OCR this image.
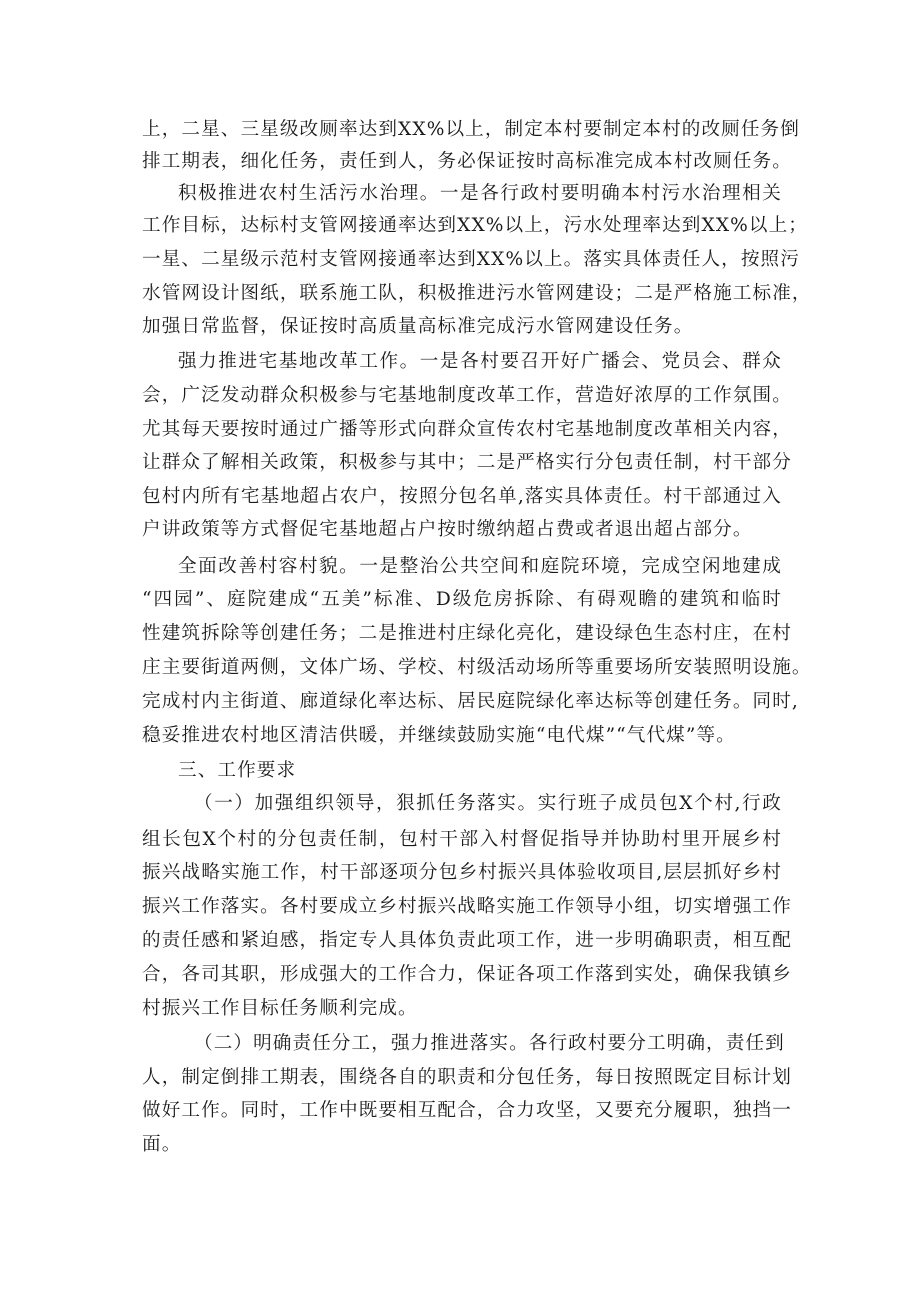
上，二星、三星级改厕率达到XX%以上，制定本村要制定本村的改厕任务倒
排工期表，细化任务，责任到人，务必保证按时高标准完成本村改厕任务。
积极推进农村生活污水治理。一是各行政村要明确本村污水治理相关
工作目标，达标村支管网接通率达到XX%以上，污水处理率达到XX%以上；
一星、二星级示范村支管网接通率达到XX%以上。落实具体责任人，按照污
水管网设计图纸，联系施工队，积极推进污水管网建设；二是严格施工标准，
加强日常监督，保证按时高质量高标准完成污水管网建设任务。
强力推进宅基地改革工作。一是各村要召开好广播会、党员会、群众
会，广泛发动群众积极参与宅基地制度改革工作，营造好浓厚的工作氛围。
尤其每天要按时通过广播等形式向群众宣传农村宅基地制度改革相关内容，
让群众了解相关政策，积极参与其中；二是严格实行分包责任制，村干部分
包村内所有宅基地超占农户，按照分包名单,落实具体责任。村干部通过入
户讲政策等方式督促宅基地超占户按时缴纳超占费或者退出超占部分。
全面改善村容村貌。一是整治公共空间和庭院环境，完成空闲地建成
“四园”、庭院建成“五美”标准、D级危房拆除、有碍观瞻的建筑和临时
性建筑拆除等创建任务；二是推进村庄绿化亮化，建设绿色生态村庄，在村
庄主要街道两侧，文体广场、学校、村级活动场所等重要场所安装照明设施。
完成村内主街道、廊道绿化率达标、居民庭院绿化率达标等创建任务。同时,
稳妥推进农村地区清洁供暖，并继续鼓励实施“电代煤”“气代煤”等。
三、工作要求
（一）加强组织领导，狠抓任务落实。实行班子成员包X个村,行政
组长包X个村的分包责任制，包村干部入村督促指导并协助村里开展乡村
振兴战略实施工作，村干部逐项分包乡村振兴具体验收项目,层层抓好乡村
振兴工作落实。各村要成立乡村振兴战略实施工作领导小组，切实增强工作
的责任感和紧迫感，指定专人具体负责此项工作，进一步明确职责，相互配
合，各司其职，形成强大的工作合力，保证各项工作落到实处，确保我镇乡
村振兴工作目标任务顺利完成。
（二）明确责任分工，强力推进落实。各行政村要分工明确，责任到
人，制定倒排工期表，围绕各自的职责和分包任务，每日按照既定目标计划
做好工作。同时，工作中既要相互配合，合力攻坚，又要充分履职，独挡一
面。
